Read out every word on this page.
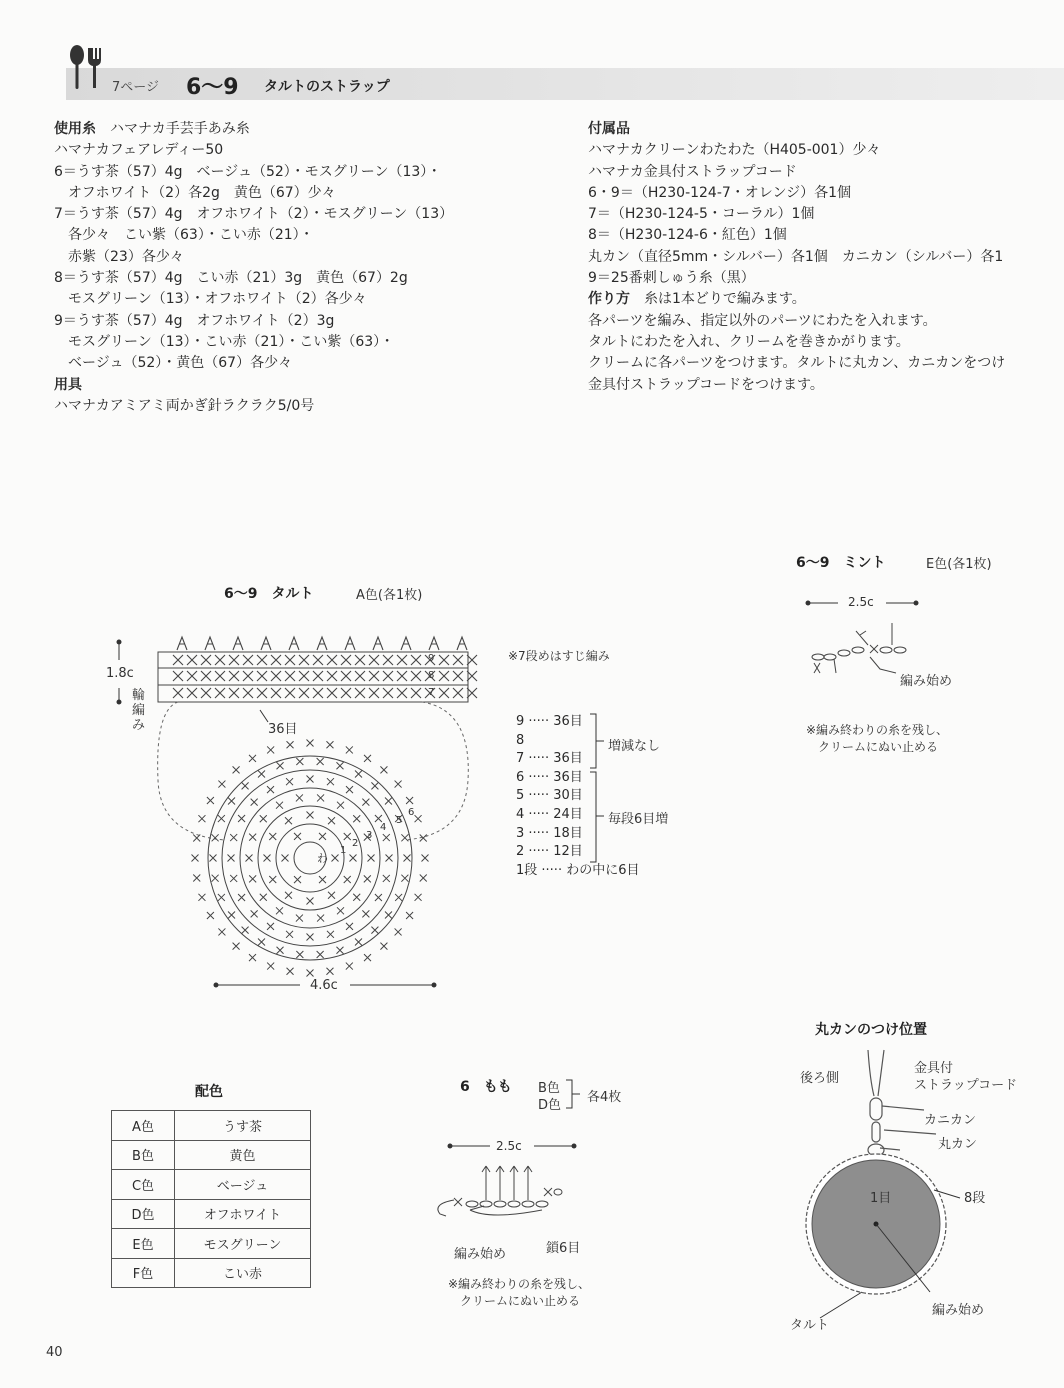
7ページ 6〜9 タルトのストラップ
使用糸　 ハマナカ手芸手あみ糸
ハマナカフェアレディー50
6＝うす茶（57）4g　ベージュ（52）・モスグリーン（13）・
　オフホワイト（2）各2g　黄色（67）少々
7＝うす茶（57）4g　オフホワイト（2）・モスグリーン（13）
　各少々　こい紫（63）・こい赤（21）・
　赤紫（23）各少々
8＝うす茶（57）4g　こい赤（21）3g　黄色（67）2g
　モスグリーン（13）・オフホワイト（2）各少々
9＝うす茶（57）4g　オフホワイト（2）3g
　モスグリーン（13）・こい赤（21）・こい紫（63）・
　ベージュ（52）・黄色（67）各少々
用具
ハマナカアミアミ両かぎ針ラクラク5/0号
付属品
ハマナカクリーンわたわた（H405-001）少々
ハマナカ金具付ストラップコード
6・9＝（H230-124-7・オレンジ）各1個
7＝（H230-124-5・コーラル）1個
8＝（H230-124-6・紅色）1個
丸カン（直径5mm・シルバー）各1個　カニカン（シルバー）各1
9＝25番刺しゅう糸（黒）
作り方　 糸は1本どりで編みます。
各パーツを編み、指定以外のパーツにわたを入れます。
タルトにわたを入れ、クリームを巻きかがります。
クリームに各パーツをつけます。タルトに丸カン、カニカンをつけ
金具付ストラップコードをつけます。
6〜9　タルト	A色(各1枚)
1.8c
輪編み	36目
4.6c
※7段めはすじ編み
9
8
7
6
5
4
3
2
1
わ
9 ····· 36目
8
7 ····· 36目
6 ····· 36目
5 ····· 30目
4 ····· 24目
3 ····· 18目
2 ····· 12目
1段 ····· わの中に6目
増減なし
毎段6目増
6〜9　ミント	E色(各1枚)
2.5c
編み始め
※編み終わりの糸を残し、
クリームにぬい止める
配色
A色	うす茶
B色	黄色
C色	ベージュ
D色	オフホワイト
E色	モスグリーン
F色	こい赤
6　もも B色
D色
各4枚
2.5c
編み始め	鎖6目
※編み終わりの糸を残し、
クリームにぬい止める
丸カンのつけ位置
後ろ側
金具付
ストラップコード
カニカン
丸カン
1目	8段
編み始め
タルト
40
